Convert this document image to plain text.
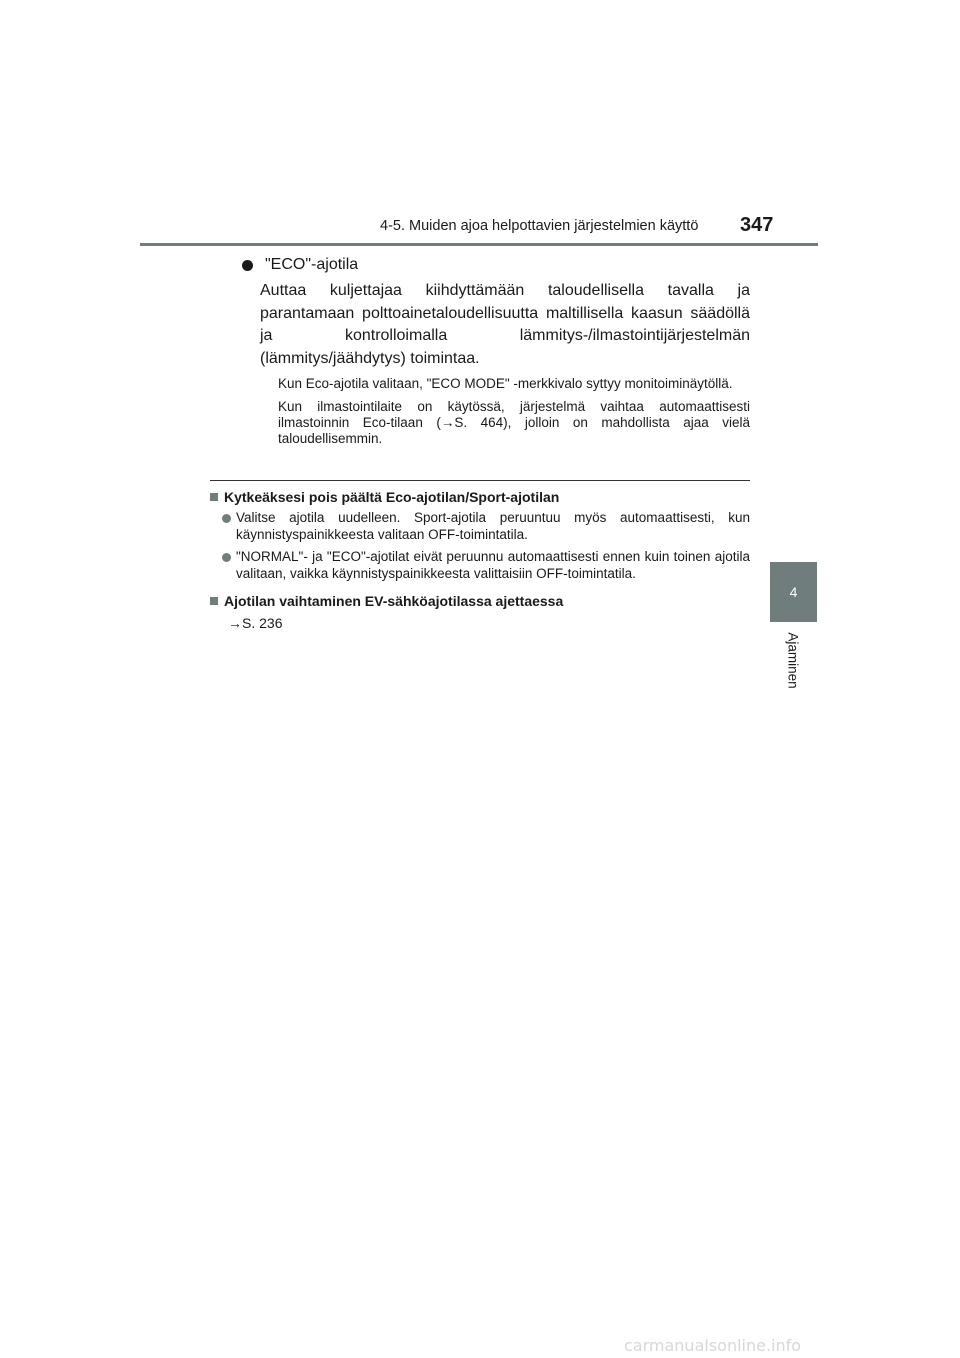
4-5. Muiden ajoa helpottavien järjestelmien käyttö 347
4
Ajaminen
"ECO"-ajotila
Auttaa kuljettajaa kiihdyttämään taloudellisella tavalla ja parantamaan polttoainetaloudellisuutta maltillisella kaasun säädöllä ja kontrolloimalla lämmitys-/ilmastointijärjestelmän (lämmitys/jäähdytys) toimintaa.

Kun Eco-ajotila valitaan, "ECO MODE" -merkkivalo syttyy monitoiminäytöllä.

Kun ilmastointilaite on käytössä, järjestelmä vaihtaa automaattisesti ilmastoinnin Eco-tilaan (→S. 464), jolloin on mahdollista ajaa vielä taloudellisemmin.

Kytkeäksesi pois päältä Eco-ajotilan/Sport-ajotilan
Valitse ajotila uudelleen. Sport-ajotila peruuntuu myös automaattisesti, kun käynnistyspainikkeesta valitaan OFF-toimintatila.
"NORMAL"- ja "ECO"-ajotilat eivät peruunnu automaattisesti ennen kuin toinen ajotila valitaan, vaikka käynnistyspainikkeesta valittaisiin OFF-toimintatila.
Ajotilan vaihtaminen EV-sähköajotilassa ajettaessa
→S. 236
carmanualsonline.info
